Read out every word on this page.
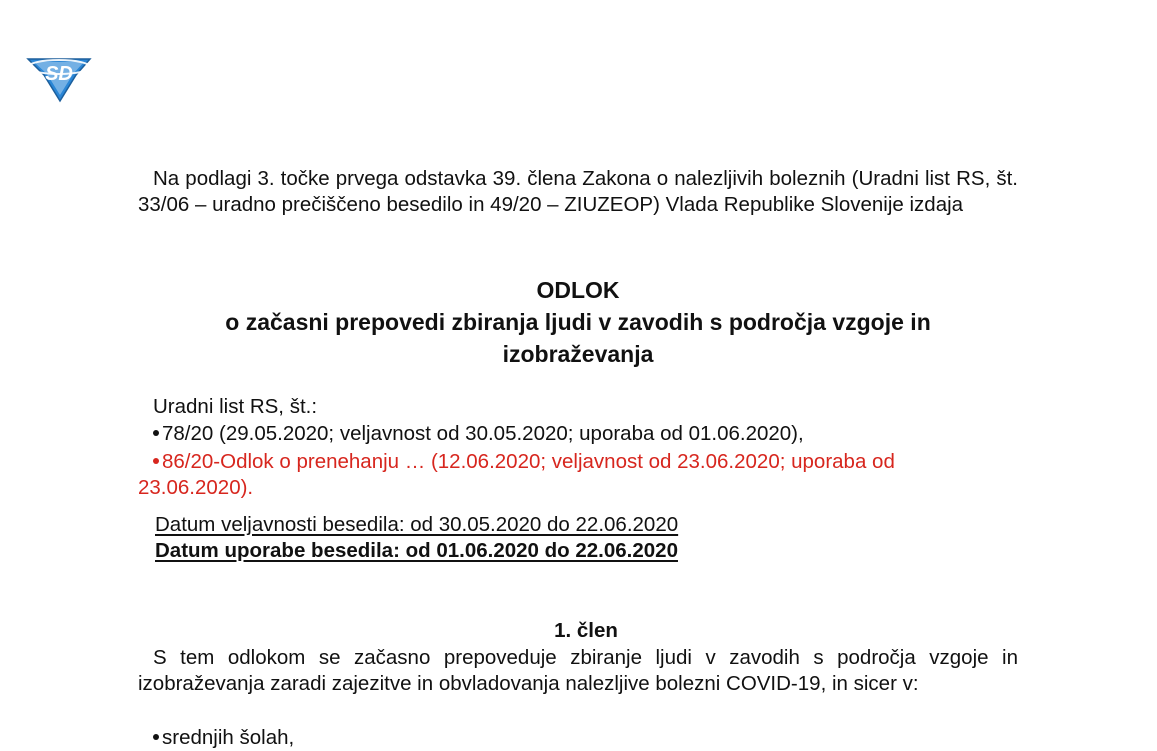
SD
Na podlagi 3. točke prvega odstavka 39. člena Zakona o nalezljivih boleznih (Uradni list RS, št. 33/06 – uradno prečiščeno besedilo in 49/20 – ZIUZEOP) Vlada Republike Slovenije izdaja
ODLOK
o začasni prepovedi zbiranja ljudi v zavodih s področja vzgoje in izobraževanja
Uradni list RS, št.:
78/20 (29.05.2020; veljavnost od 30.05.2020; uporaba od 01.06.2020),
86/20-Odlok o prenehanju … (12.06.2020; veljavnost od 23.06.2020; uporaba od 23.06.2020).
Datum veljavnosti besedila: od 30.05.2020 do 22.06.2020
Datum uporabe besedila: od 01.06.2020 do 22.06.2020
1. člen
S tem odlokom se začasno prepoveduje zbiranje ljudi v zavodih s področja vzgoje in izobraževanja zaradi zajezitve in obvladovanja nalezljive bolezni COVID-19, in sicer v:
srednjih šolah,
